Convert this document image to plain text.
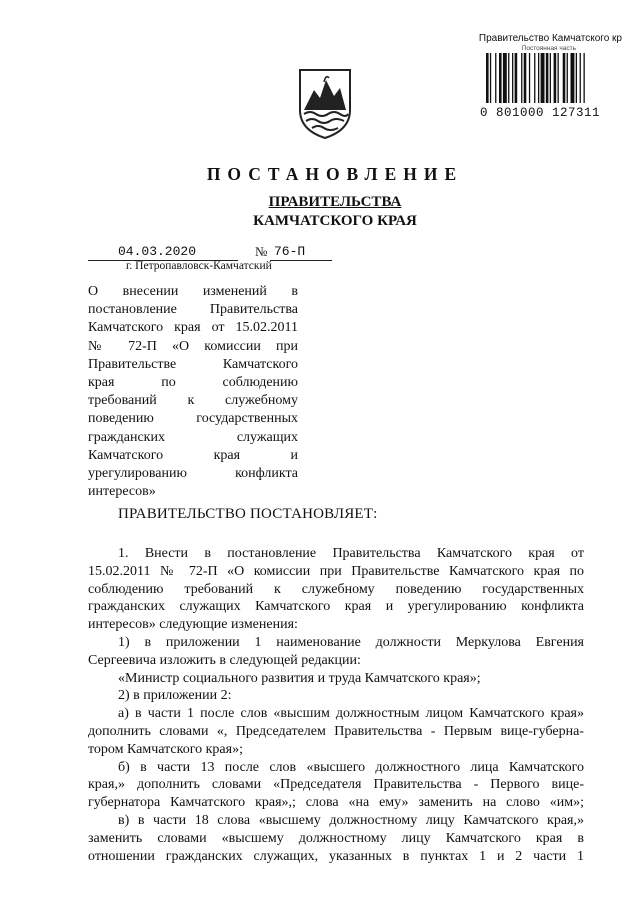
Правительство Камчатского кр
Постоянная часть
0 801000 127311
ПОСТАНОВЛЕНИЕ
ПРАВИТЕЛЬСТВА
КАМЧАТСКОГО КРАЯ
04.03.2020	№ 76-П
г. Петропавловск-Камчатский
О внесении изменений в
постановление Правительства
Камчатского края от 15.02.2011
№ 72-П «О комиссии при
Правительстве Камчатского
края по соблюдению
требований к служебному
поведению государственных
гражданских служащих
Камчатского края и
урегулированию конфликта
интересов»
ПРАВИТЕЛЬСТВО ПОСТАНОВЛЯЕТ:
1. Внести в постановление Правительства Камчатского края от
15.02.2011 № 72-П «О комиссии при Правительстве Камчатского края по
соблюдению требований к служебному поведению государственных
гражданских служащих Камчатского края и урегулированию конфликта
интересов» следующие изменения:
1) в приложении 1 наименование должности Меркулова Евгения
Сергеевича изложить в следующей редакции:
«Министр социального развития и труда Камчатского края»;
2) в приложении 2:
а) в части 1 после слов «высшим должностным лицом Камчатского края»
дополнить словами «, Председателем Правительства - Первым вице-губерна-
тором Камчатского края»;
б) в части 13 после слов «высшего должностного лица Камчатского
края,» дополнить словами «Председателя Правительства - Первого вице-
губернатора Камчатского края»,; слова «на ему» заменить на слово «им»;
в) в части 18 слова «высшему должностному лицу Камчатского края,»
заменить словами «высшему должностному лицу Камчатского края в
отношении гражданских служащих, указанных в пунктах 1 и 2 части 1
